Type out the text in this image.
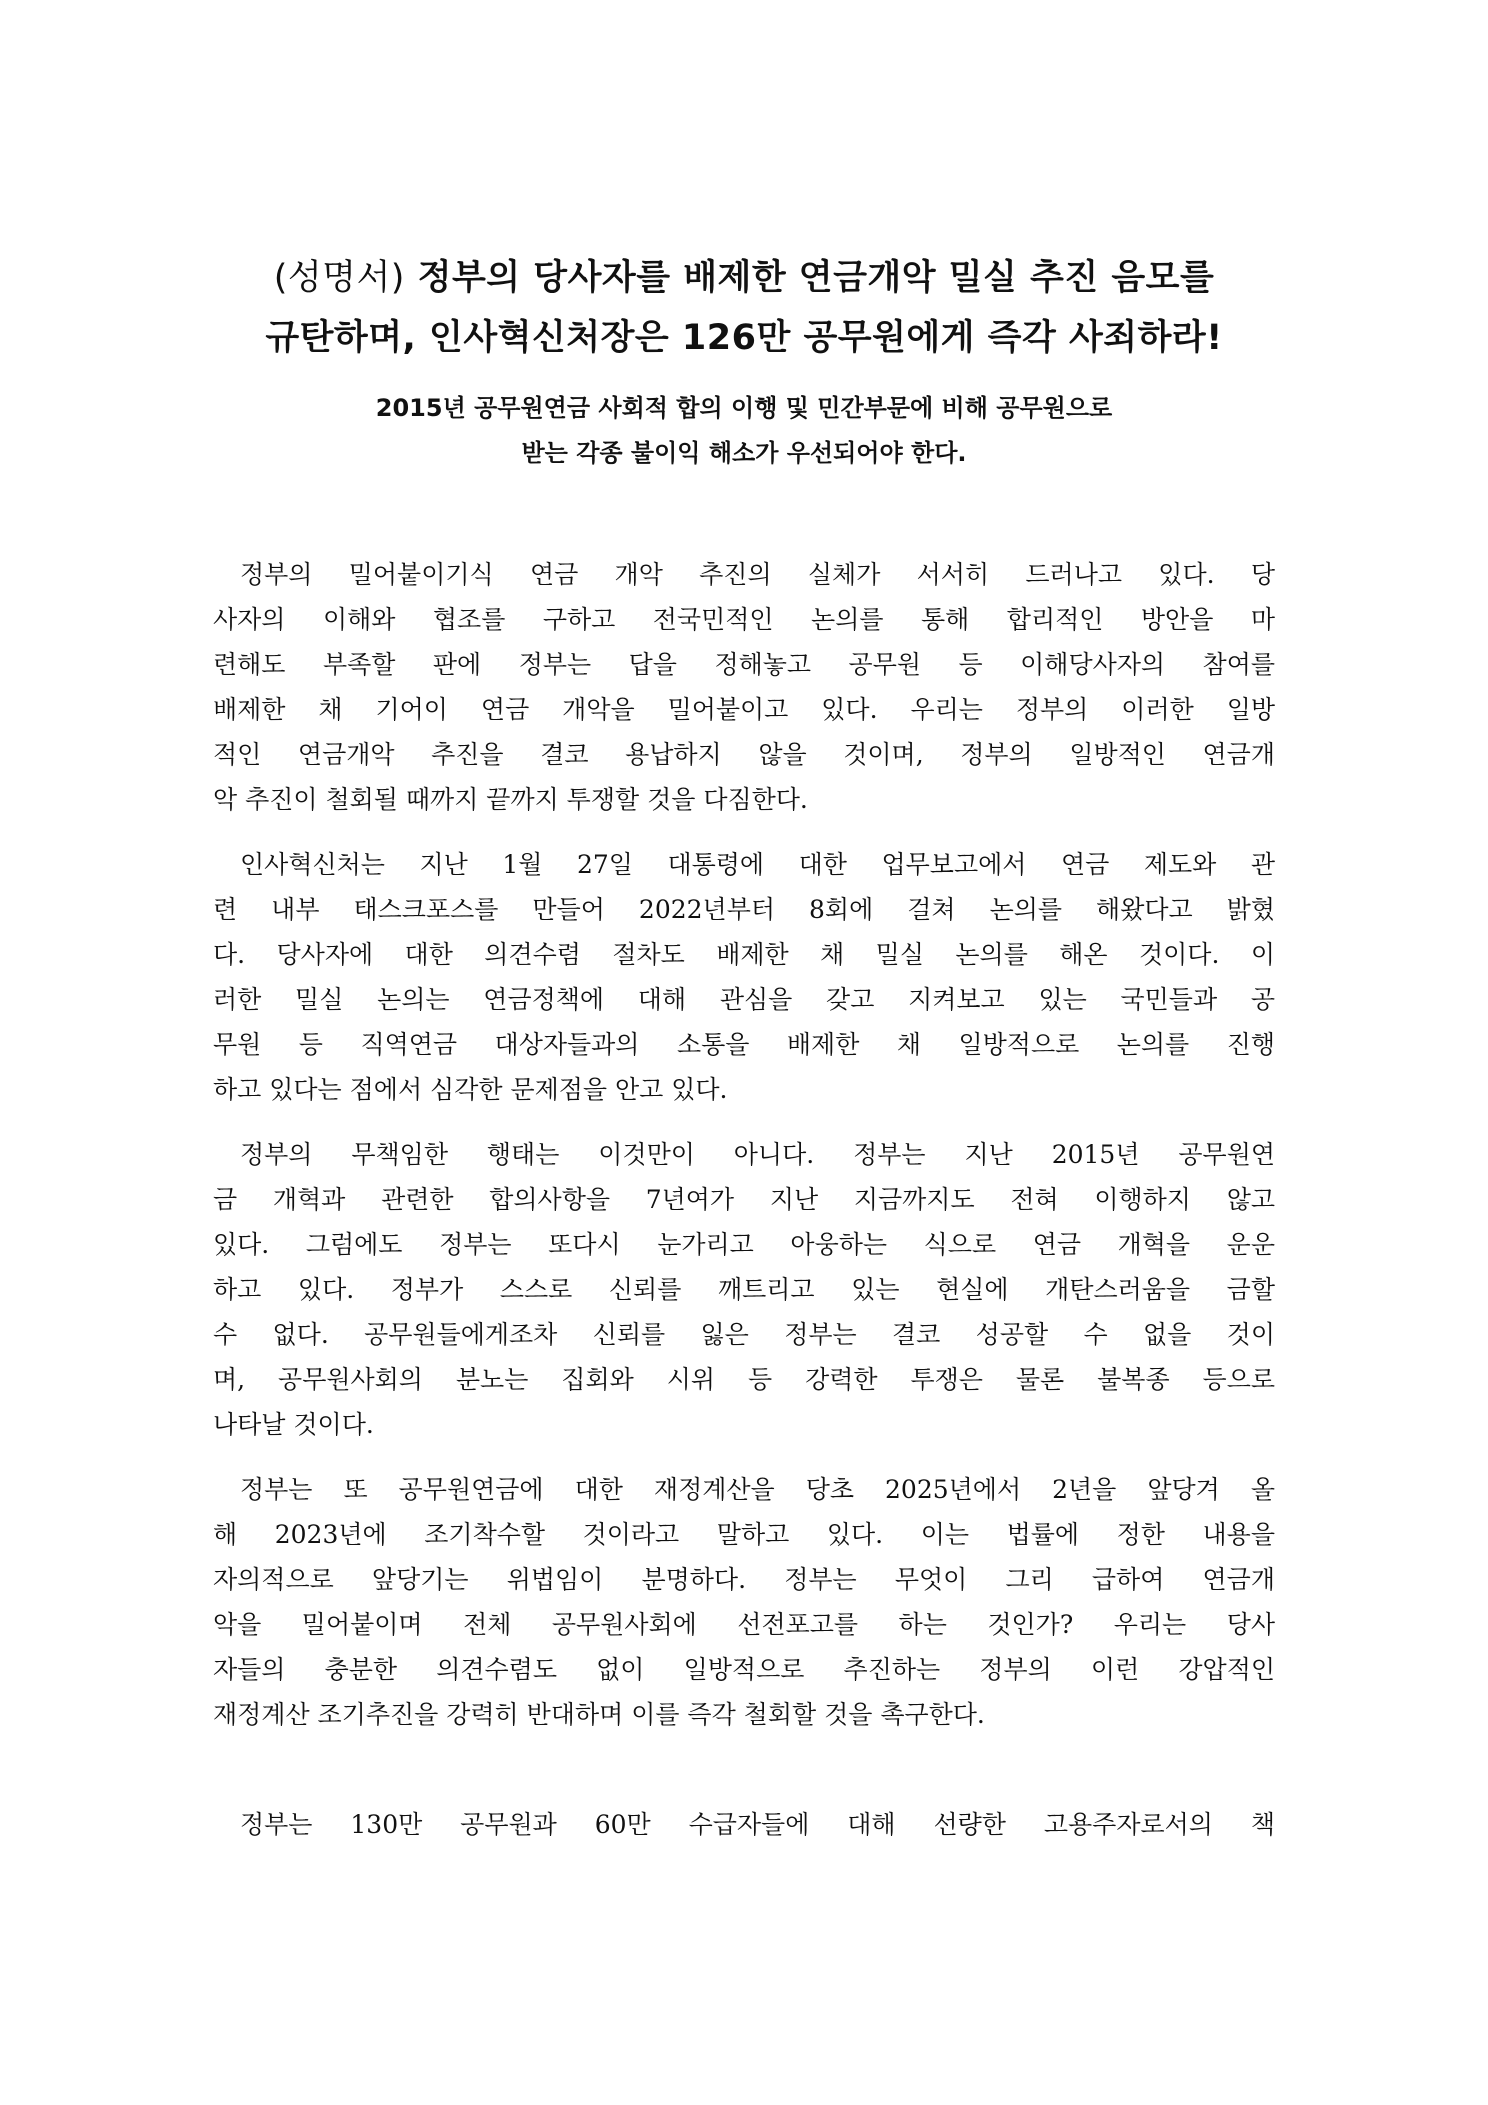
(성명서) 정부의 당사자를 배제한 연금개악 밀실 추진 음모를
규탄하며, 인사혁신처장은 126만 공무원에게 즉각 사죄하라!
2015년 공무원연금 사회적 합의 이행 및 민간부문에 비해 공무원으로
받는 각종 불이익 해소가 우선되어야 한다.

정부의 밀어붙이기식 연금 개악 추진의 실체가 서서히 드러나고 있다. 당
사자의 이해와 협조를 구하고 전국민적인 논의를 통해 합리적인 방안을 마
련해도 부족할 판에 정부는 답을 정해놓고 공무원 등 이해당사자의 참여를
배제한 채 기어이 연금 개악을 밀어붙이고 있다. 우리는 정부의 이러한 일방
적인 연금개악 추진을 결코 용납하지 않을 것이며, 정부의 일방적인 연금개
악 추진이 철회될 때까지 끝까지 투쟁할 것을 다짐한다.

인사혁신처는 지난 1월 27일 대통령에 대한 업무보고에서 연금 제도와 관
련 내부 태스크포스를 만들어 2022년부터 8회에 걸쳐 논의를 해왔다고 밝혔
다. 당사자에 대한 의견수렴 절차도 배제한 채 밀실 논의를 해온 것이다. 이
러한 밀실 논의는 연금정책에 대해 관심을 갖고 지켜보고 있는 국민들과 공
무원 등 직역연금 대상자들과의 소통을 배제한 채 일방적으로 논의를 진행
하고 있다는 점에서 심각한 문제점을 안고 있다.

정부의 무책임한 행태는 이것만이 아니다. 정부는 지난 2015년 공무원연
금 개혁과 관련한 합의사항을 7년여가 지난 지금까지도 전혀 이행하지 않고
있다. 그럼에도 정부는 또다시 눈가리고 아웅하는 식으로 연금 개혁을 운운
하고 있다. 정부가 스스로 신뢰를 깨트리고 있는 현실에 개탄스러움을 금할
수 없다. 공무원들에게조차 신뢰를 잃은 정부는 결코 성공할 수 없을 것이
며, 공무원사회의 분노는 집회와 시위 등 강력한 투쟁은 물론 불복종 등으로
나타날 것이다.

정부는 또 공무원연금에 대한 재정계산을 당초 2025년에서 2년을 앞당겨 올
해 2023년에 조기착수할 것이라고 말하고 있다. 이는 법률에 정한 내용을
자의적으로 앞당기는 위법임이 분명하다. 정부는 무엇이 그리 급하여 연금개
악을 밀어붙이며 전체 공무원사회에 선전포고를 하는 것인가? 우리는 당사
자들의 충분한 의견수렴도 없이 일방적으로 추진하는 정부의 이런 강압적인
재정계산 조기추진을 강력히 반대하며 이를 즉각 철회할 것을 촉구한다.

정부는 130만 공무원과 60만 수급자들에 대해 선량한 고용주자로서의 책
